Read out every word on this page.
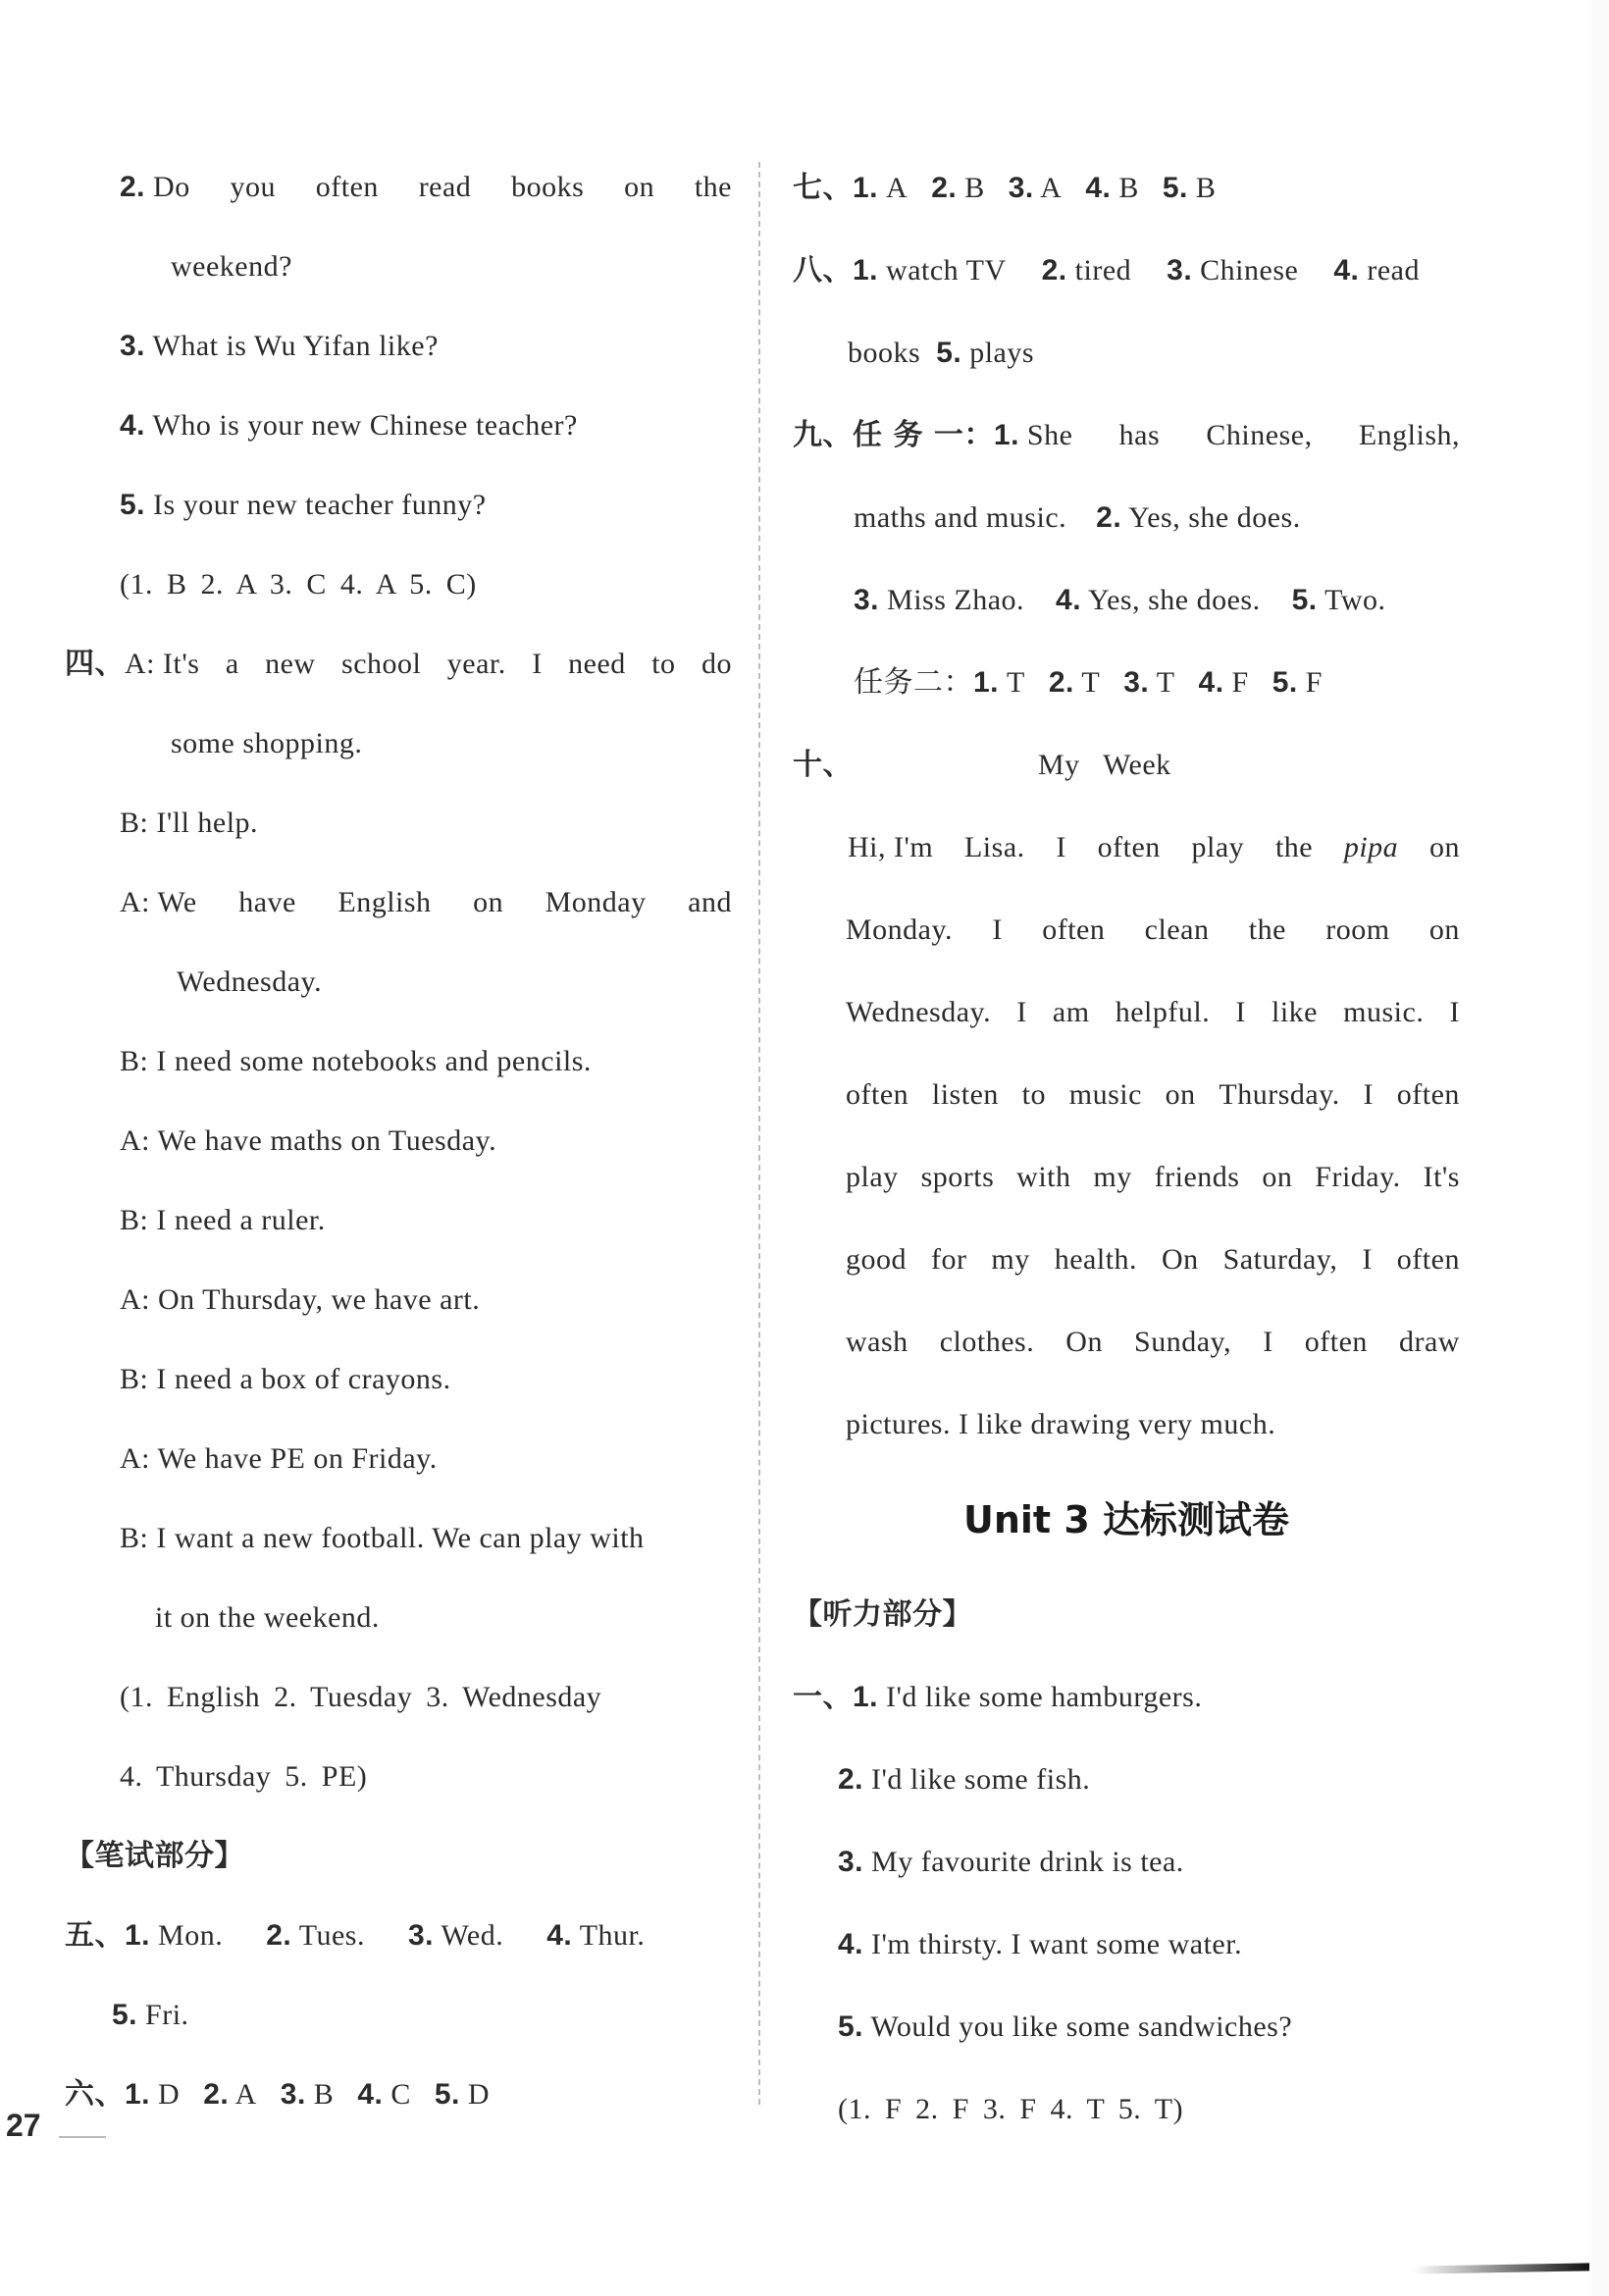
2. Do you often read books on the
weekend?
3. What is Wu Yifan like?
4. Who is your new Chinese teacher?
5. Is your new teacher funny?
(1. B 2. A 3. C 4. A 5. C)
四、A: It's a new school year. I need to do
some shopping.
B: I'll help.
A: We have English on Monday and
Wednesday.
B: I need some notebooks and pencils.
A: We have maths on Tuesday.
B: I need a ruler.
A: On Thursday, we have art.
B: I need a box of crayons.
A: We have PE on Friday.
B: I want a new football. We can play with
it on the weekend.
(1. English 2. Tuesday 3. Wednesday
4. Thursday 5. PE)
【笔试部分】
五、1. Mon. 2. Tues. 3. Wed. 4. Thur.
5. Fri.
六、1. D 2. A 3. B 4. C 5. D
七、1. A 2. B 3. A 4. B 5. B
八、1. watch TV 2. tired 3. Chinese 4. read
books 5. plays
九、任 务 一：1. She has Chinese, English,
maths and music. 2. Yes, she does.
3. Miss Zhao. 4. Yes, she does. 5. Two.
任务二：1. T 2. T 3. T 4. F 5. F
十、	My   Week
Hi, I'm Lisa. I often play the pipa on
Monday. I often clean the room on
Wednesday. I am helpful. I like music. I
often listen to music on Thursday. I often
play sports with my friends on Friday. It's
good for my health. On Saturday, I often
wash clothes. On Sunday, I often draw
pictures. I like drawing very much.
Unit 3 达标测试卷
【听力部分】
一、1. I'd like some hamburgers.
2. I'd like some fish.
3. My favourite drink is tea.
4. I'm thirsty. I want some water.
5. Would you like some sandwiches?
(1. F 2. F 3. F 4. T 5. T)
27
